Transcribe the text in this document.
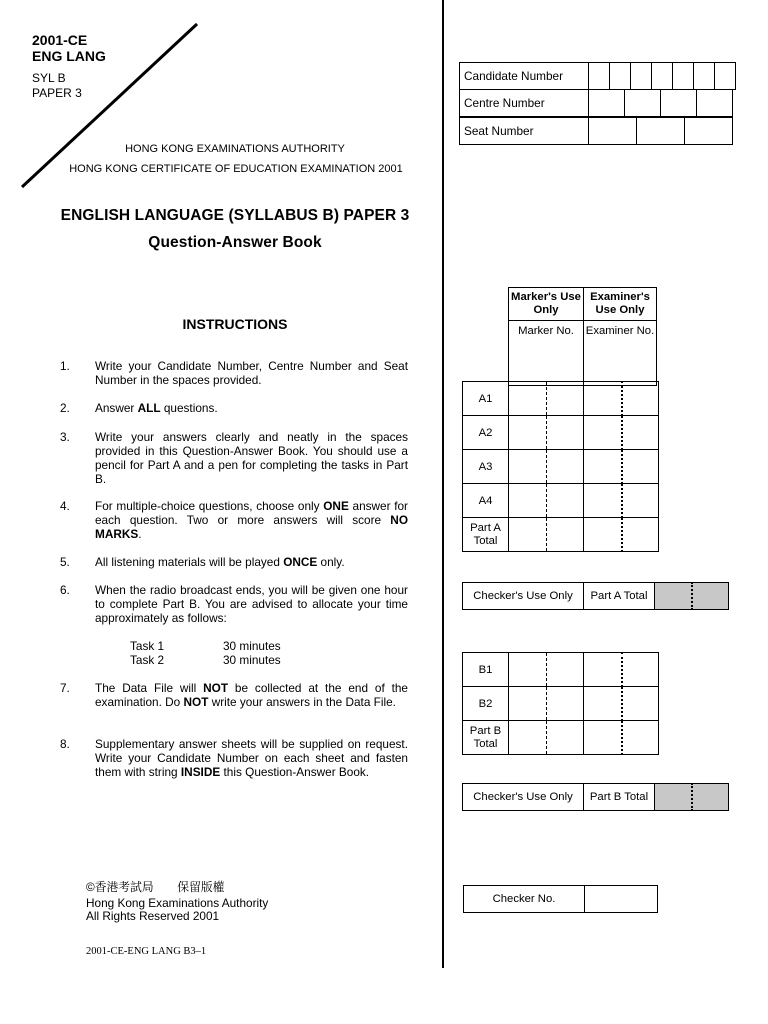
2001-CE
ENG LANG
SYL B
PAPER 3
HONG KONG EXAMINATIONS AUTHORITY
HONG KONG CERTIFICATE OF EDUCATION EXAMINATION 2001
ENGLISH LANGUAGE (SYLLABUS B) PAPER 3
Question-Answer Book
INSTRUCTIONS
1.	Write your Candidate Number, Centre Number and Seat Number in the spaces provided.
2.	Answer ALL questions.
3.	Write your answers clearly and neatly in the spaces provided in this Question-Answer Book. You should use a pencil for Part A and a pen for completing the tasks in Part B.
4.	For multiple-choice questions, choose only ONE answer for each question. Two or more answers will score NO MARKS.
5.	All listening materials will be played ONCE only.
6.	When the radio broadcast ends, you will be given one hour to complete Part B. You are advised to allocate your time approximately as follows:
Task 1	30 minutes
Task 2	30 minutes
7.	The Data File will NOT be collected at the end of the examination. Do NOT write your answers in the Data File.
8.	Supplementary answer sheets will be supplied on request. Write your Candidate Number on each sheet and fasten them with string INSIDE this Question-Answer Book.
©香港考試局　　保留版權
Hong Kong Examinations Authority
All Rights Reserved 2001
2001-CE-ENG LANG B3–1
Candidate Number							
Centre Number				
Seat Number			
Marker's Use Only	Examiner's Use Only
Marker No.	Examiner No.
A1				
A2				
A3				
A4				
Part A Total				
Checker's Use Only	Part A Total		
B1				
B2				
Part B Total				
Checker's Use Only	Part B Total		
Checker No.	
